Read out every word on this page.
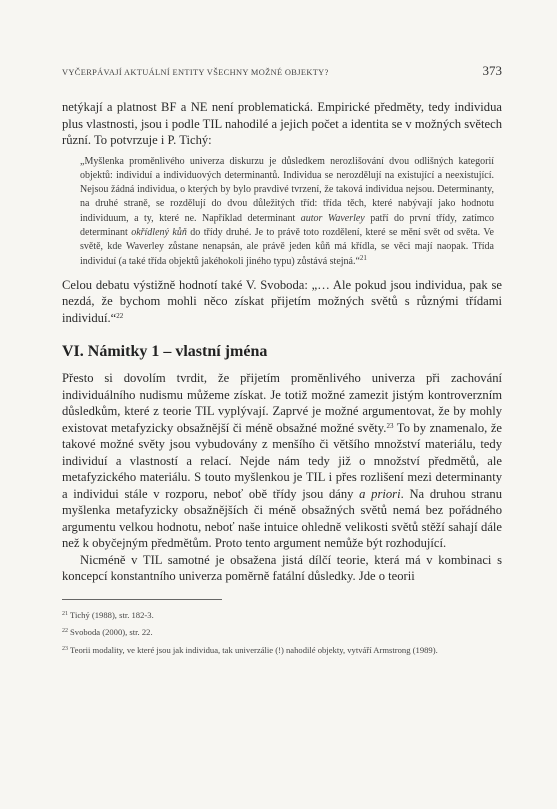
VYČERPÁVAJÍ AKTUÁLNÍ ENTITY VŠECHNY MOŽNÉ OBJEKTY?	373

netýkají a platnost BF a NE není problematická. Empirické předměty, tedy individua plus vlastnosti, jsou i podle TIL nahodilé a jejich počet a identita se v možných světech různí. To potvrzuje i P. Tichý:

„Myšlenka proměnlivého univerza diskurzu je důsledkem nerozlišování dvou odlišných kategorií objektů: individuí a individuových determinantů. Individua se nerozdělují na existující a neexistující. Nejsou žádná individua, o kterých by bylo pravdivé tvrzení, že taková individua nejsou. Determinanty, na druhé straně, se rozdělují do dvou důležitých tříd: třída těch, které nabývají jako hodnotu individuum, a ty, které ne. Například determinant autor Waverley patří do první třídy, zatímco determinant okřídlený kůň do třídy druhé. Je to právě toto rozdělení, které se mění svět od světa. Ve světě, kde Waverley zůstane nenapsán, ale právě jeden kůň má křídla, se věci mají naopak. Třída individuí (a také třída objektů jakéhokoli jiného typu) zůstává stejná.“$^{21}$

Celou debatu výstižně hodnotí také V. Svoboda: „… Ale pokud jsou individua, pak se nezdá, že bychom mohli něco získat přijetím možných světů s různými třídami individuí.“$^{22}$

VI. Námitky 1 – vlastní jména

Přesto si dovolím tvrdit, že přijetím proměnlivého univerza při zachování individuálního nudismu můžeme získat. Je totiž možné zamezit jistým kontroverzním důsledkům, které z teorie TIL vyplývají. Zaprvé je možné argumentovat, že by mohly existovat metafyzicky obsažnější či méně obsažné možné světy.$^{23}$ To by znamenalo, že takové možné světy jsou vybudovány z menšího či většího množství materiálu, tedy individuí a vlastností a relací. Nejde nám tedy již o množství předmětů, ale metafyzického materiálu. S touto myšlenkou je TIL i přes rozlišení mezi determinanty a individui stále v rozporu, neboť obě třídy jsou dány a priori. Na druhou stranu myšlenka metafyzicky obsažnějších či méně obsažných světů nemá bez pořádného argumentu velkou hodnotu, neboť naše intuice ohledně velikosti světů stěží sahají dále než k obyčejným předmětům. Proto tento argument nemůže být rozhodující.

Nicméně v TIL samotné je obsažena jistá dílčí teorie, která má v kombinaci s koncepcí konstantního univerza poměrně fatální důsledky. Jde o teorii

$^{21}$ Tichý (1988), str. 182-3.

$^{22}$ Svoboda (2000), str. 22.

$^{23}$ Teorii modality, ve které jsou jak individua, tak univerzálie (!) nahodilé objekty, vytváří Armstrong (1989).
